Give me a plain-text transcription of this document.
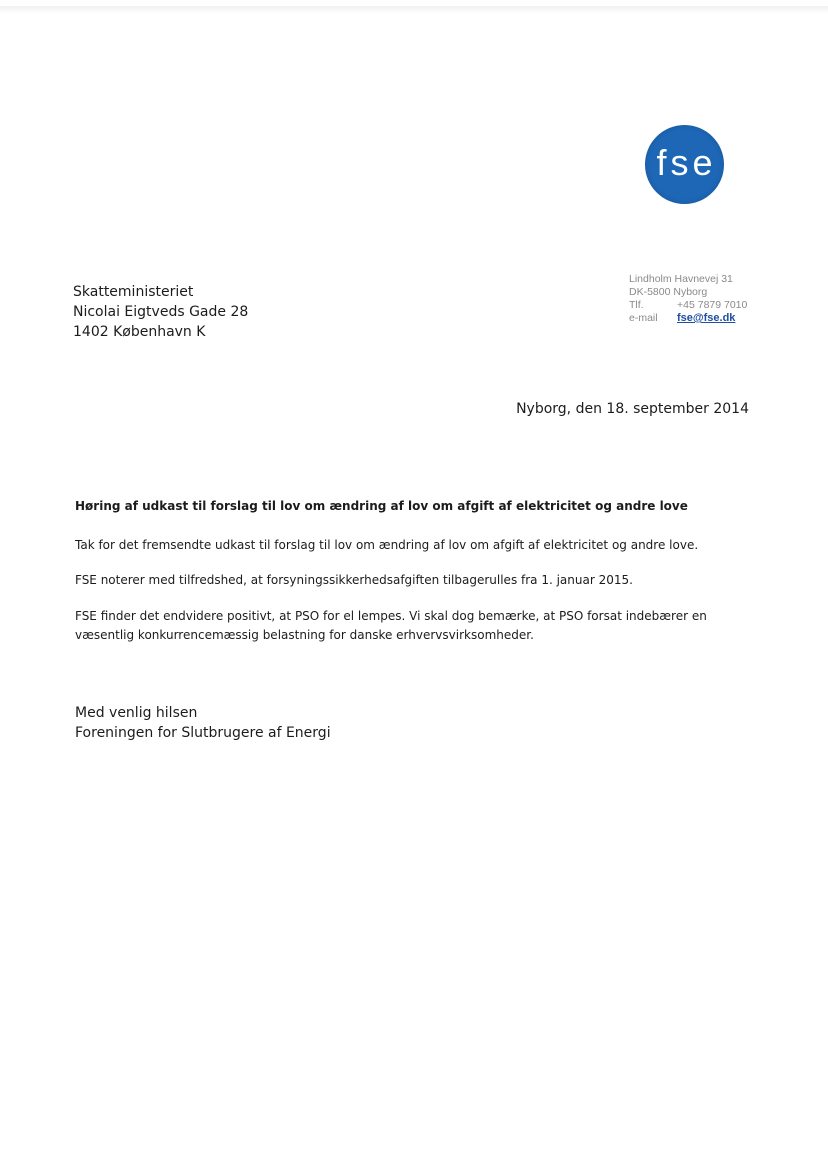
fse
Skatteministeriet
Nicolai Eigtveds Gade 28
1402 København K
Lindholm Havnevej 31
DK-5800 Nyborg
Tlf.	+45 7879 7010
e-mail fse@fse.dk
Nyborg, den 18. september 2014
Høring af udkast til forslag til lov om ændring af lov om afgift af elektricitet og andre love
Tak for det fremsendte udkast til forslag til lov om ændring af lov om afgift af elektricitet og andre love.
FSE noterer med tilfredshed, at forsyningssikkerhedsafgiften tilbagerulles fra 1. januar 2015.
FSE finder det endvidere positivt, at PSO for el lempes. Vi skal dog bemærke, at PSO forsat indebærer en
væsentlig konkurrencemæssig belastning for danske erhvervsvirksomheder.
Med venlig hilsen
Foreningen for Slutbrugere af Energi
